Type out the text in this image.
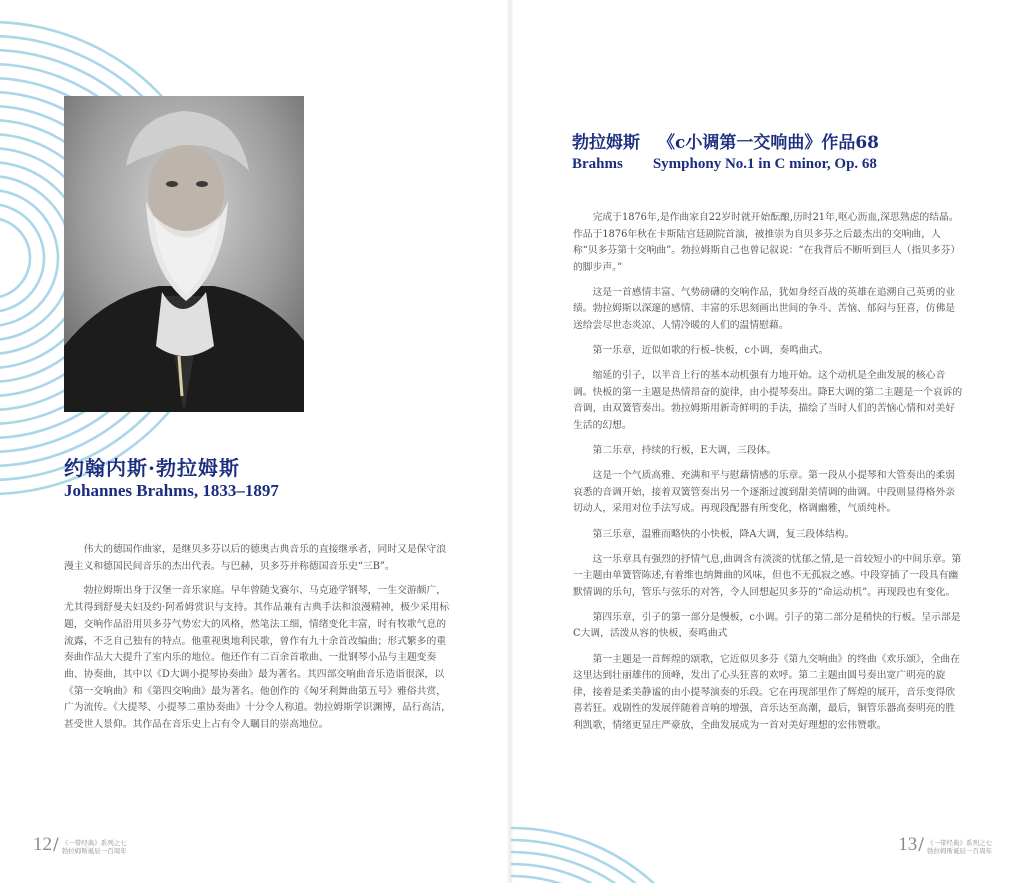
约翰内斯·勃拉姆斯
Johannes Brahms, 1833–1897

伟大的德国作曲家，是继贝多芬以后的德奥古典音乐的直接继承者，同时又是保守浪漫主义和德国民间音乐的杰出代表。与巴赫，贝多芬并称德国音乐史“三B”。

勃拉姆斯出身于汉堡一音乐家庭。早年曾随戈赛尔、马克逊学钢琴，一生交游颇广，尤其得到舒曼夫妇及约·阿希姆赏识与支持。其作品兼有古典手法和浪漫精神，极少采用标题，交响作品沿用贝多芬气势宏大的风格，然笔法工细，情绪变化丰富，时有牧歌气息的流露，不乏自己独有的特点。他重视奥地利民歌，曾作有九十余首改编曲；形式繁多的重奏曲作品大大提升了室内乐的地位。他还作有二百余首歌曲、一批钢琴小品与主题变奏曲、协奏曲，其中以《D大调小提琴协奏曲》最为著名。其四部交响曲音乐造诣很深，以《第一交响曲》和《第四交响曲》最为著名。他创作的《匈牙利舞曲第五号》雅俗共赏，广为流传。《大提琴、小提琴二重协奏曲》十分令人称道。勃拉姆斯学识渊博，品行高洁，甚受世人景仰。其作品在音乐史上占有令人瞩目的崇高地位。

12 / 《一带经典》系列之七
勃拉姆斯诞辰一百周年
勃拉姆斯 《c小调第一交响曲》作品68
Brahms Symphony No.1 in C minor, Op. 68

完成于1876年,是作曲家自22岁时就开始酝酿,历时21年,呕心沥血,深思熟虑的结晶。作品于1876年秋在卡斯陆宫廷剧院首演，被推崇为自贝多芬之后最杰出的交响曲，人称“贝多芬第十交响曲”。勃拉姆斯自己也曾记叙说：“在我背后不断听到巨人（指贝多芬）的脚步声。”

这是一首感情丰富、气势磅礴的交响作品，犹如身经百战的英雄在追溯自己英勇的业绩。勃拉姆斯以深邃的感情、丰富的乐思刻画出世间的争斗、苦恼、郁闷与狂喜，仿佛是送给尝尽世态炎凉、人情冷暖的人们的温情慰藉。

第一乐章，近似如歌的行板–快板，c小调，奏鸣曲式。

缩延的引子，以半音上行的基本动机强有力地开始。这个动机是全曲发展的核心音调。快板的第一主题是热情昂奋的旋律，由小提琴奏出。降E大调的第二主题是一个哀诉的音调，由双簧管奏出。勃拉姆斯用新奇鲜明的手法，描绘了当时人们的苦恼心情和对美好生活的幻想。

第二乐章，持续的行板，E大调，三段体。

这是一个气质高雅、充满和平与慰藉情感的乐章。第一段从小提琴和大管奏出的柔弱哀悉的音调开始，接着双簧管奏出另一个逐渐过渡到甜美情调的曲调。中段则显得格外亲切动人，采用对位手法写成。再现段配器有所变化，格调幽雅，气质纯朴。

第三乐章，温雅而略快的小快板，降A大调，复三段体结构。

这一乐章具有强烈的抒情气息,曲调含有淡淡的忧郁之情,是一首较短小的中间乐章。第一主题由单簧管陈述,有着维也纳舞曲的风味，但也不无孤寂之感。中段穿插了一段具有幽默情调的乐句，管乐与弦乐的对答，令人回想起贝多芬的“命运动机”。再现段也有变化。

第四乐章，引子的第一部分是慢板，c小调。引子的第二部分是稍快的行板。呈示部是C大调，活泼从容的快板，奏鸣曲式

第一主题是一首辉煌的颂歌，它近似贝多芬《第九交响曲》的终曲《欢乐颂》，全曲在这里达到壮丽雄伟的顶峰，发出了心头狂喜的欢呼。第二主题由圆号奏出宽广明亮的旋律，接着是柔美静谧的由小提琴演奏的乐段。它在再现部里作了辉煌的展开，音乐变得欣喜若狂。戏剧性的发展伴随着音响的增强，音乐达至高潮，最后，铜管乐器高奏明亮的胜利凯歌，情绪更显庄严豪放，全曲发展成为一首对美好理想的宏伟赞歌。

13 / 《一带经典》系列之七
勃拉姆斯诞辰一百周年
